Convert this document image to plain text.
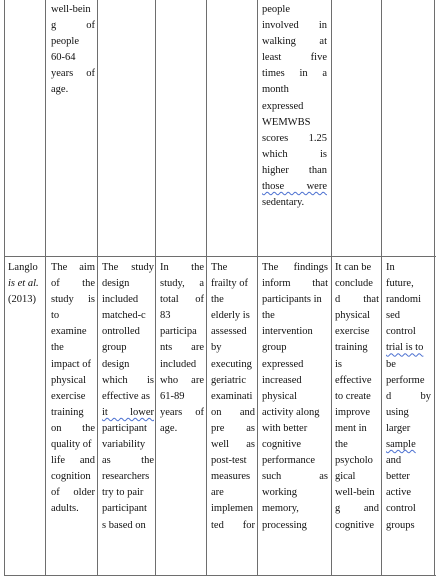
well-bein
g of
people
60-64
years of
age.
people
involved in
walking at
least five
times in a
month
expressed
WEMWBS
scores 1.25
which is
higher than
those were
sedentary.
Langlo
is et al.
(2013)
The aim
of the
study is
to
examine
the
impact of
physical
exercise
training
on the
quality of
life and
cognition
of older
adults.
The study
design
included
matched-c
ontrolled
group
design
which is
effective as
it lower
participant
variability
as the
researchers
try to pair
participant
s based on
In the
study, a
total of
83
participa
nts are
included
who are
61-89
years of
age.
The
frailty of
the
elderly is
assessed
by
executing
geriatric
examinati
on and
pre as
well as
post-test
measures
are
implemen
ted for
The findings
inform that
participants in
the
intervention
group
expressed
increased
physical
activity along
with better
cognitive
performance
such as
working
memory,
processing
It can be
conclude
d that
physical
exercise
training
is
effective
to create
improve
ment in
the
psycholo
gical
well-bein
g and
cognitive
In
future,
randomi
sed
control
trial is to
be
performe
d by
using
larger
sample
and
better
active
control
groups
